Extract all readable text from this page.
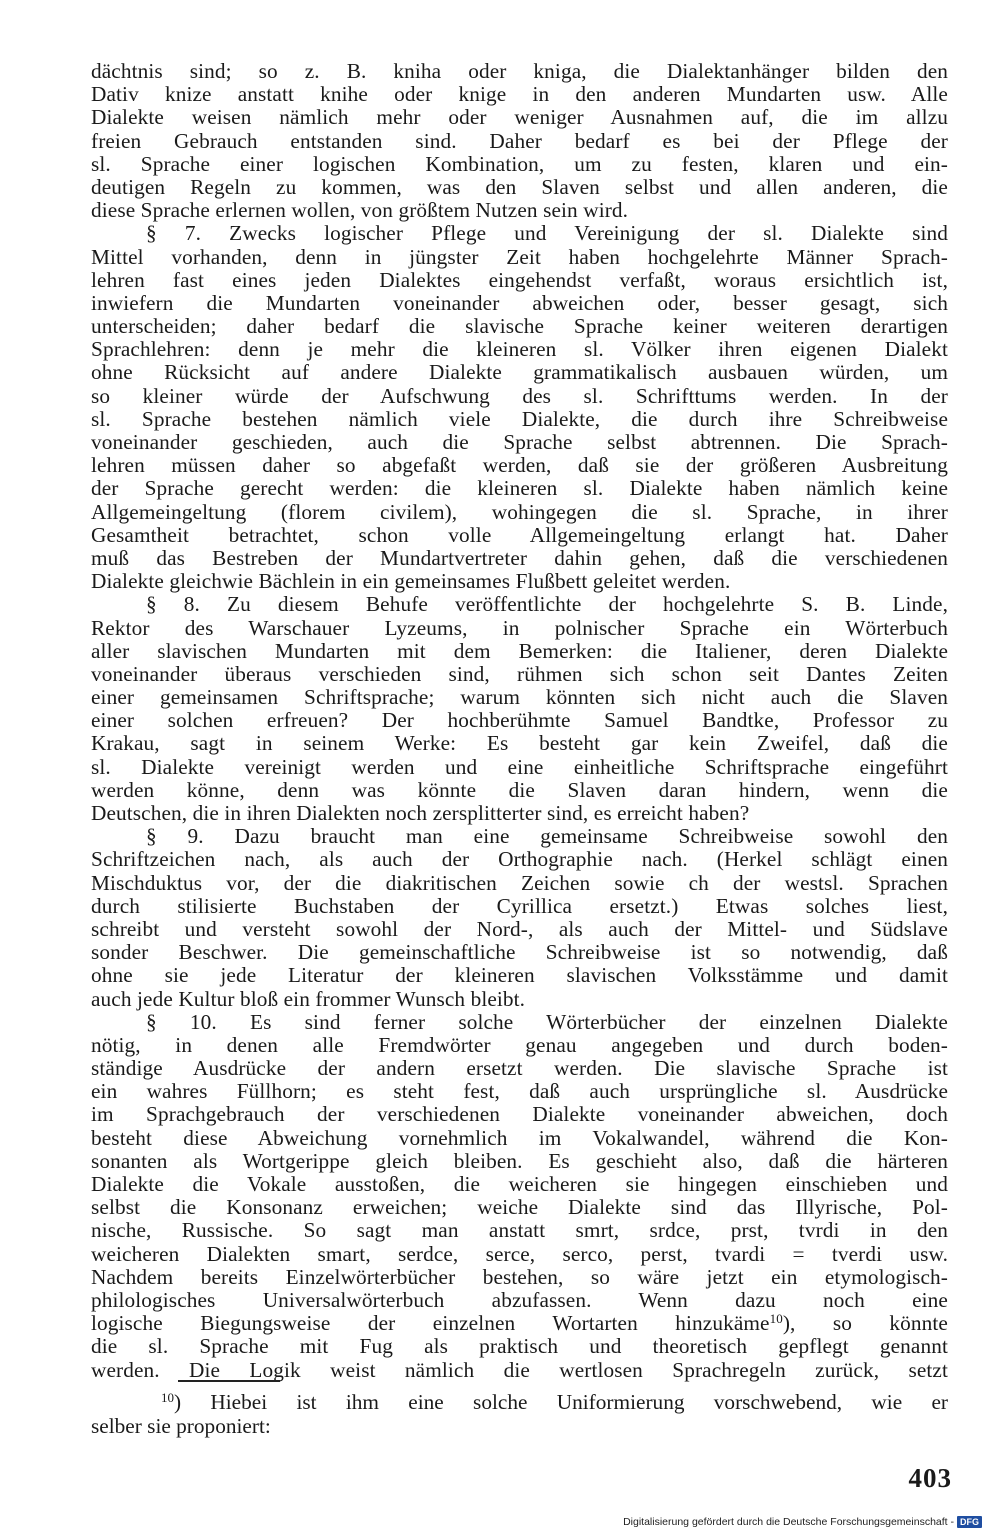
dächtnis sind; so z. B. kniha oder kniga, die Dialektanhänger bilden den
Dativ knize anstatt knihe oder knige in den anderen Mundarten usw. Alle
Dialekte weisen nämlich mehr oder weniger Ausnahmen auf, die im allzu
freien Gebrauch entstanden sind. Daher bedarf es bei der Pflege der
sl. Sprache einer logischen Kombination, um zu festen, klaren und ein-
deutigen Regeln zu kommen, was den Slaven selbst und allen anderen, die
diese Sprache erlernen wollen, von größtem Nutzen sein wird.
§ 7. Zwecks logischer Pflege und Vereinigung der sl. Dialekte sind
Mittel vorhanden, denn in jüngster Zeit haben hochgelehrte Männer Sprach-
lehren fast eines jeden Dialektes eingehendst verfaßt, woraus ersichtlich ist,
inwiefern die Mundarten voneinander abweichen oder, besser gesagt, sich
unterscheiden; daher bedarf die slavische Sprache keiner weiteren derartigen
Sprachlehren: denn je mehr die kleineren sl. Völker ihren eigenen Dialekt
ohne Rücksicht auf andere Dialekte grammatikalisch ausbauen würden, um
so kleiner würde der Aufschwung des sl. Schrifttums werden. In der
sl. Sprache bestehen nämlich viele Dialekte, die durch ihre Schreibweise
voneinander geschieden, auch die Sprache selbst abtrennen. Die Sprach-
lehren müssen daher so abgefaßt werden, daß sie der größeren Ausbreitung
der Sprache gerecht werden: die kleineren sl. Dialekte haben nämlich keine
Allgemeingeltung (florem civilem), wohingegen die sl. Sprache, in ihrer
Gesamtheit betrachtet, schon volle Allgemeingeltung erlangt hat. Daher
muß das Bestreben der Mundartvertreter dahin gehen, daß die verschiedenen
Dialekte gleichwie Bächlein in ein gemeinsames Flußbett geleitet werden.
§ 8. Zu diesem Behufe veröffentlichte der hochgelehrte S. B. Linde,
Rektor des Warschauer Lyzeums, in polnischer Sprache ein Wörterbuch
aller slavischen Mundarten mit dem Bemerken: die Italiener, deren Dialekte
voneinander überaus verschieden sind, rühmen sich schon seit Dantes Zeiten
einer gemeinsamen Schriftsprache; warum könnten sich nicht auch die Slaven
einer solchen erfreuen? Der hochberühmte Samuel Bandtke, Professor zu
Krakau, sagt in seinem Werke: Es besteht gar kein Zweifel, daß die
sl. Dialekte vereinigt werden und eine einheitliche Schriftsprache eingeführt
werden könne, denn was könnte die Slaven daran hindern, wenn die
Deutschen, die in ihren Dialekten noch zersplitterter sind, es erreicht haben?
§ 9. Dazu braucht man eine gemeinsame Schreibweise sowohl den
Schriftzeichen nach, als auch der Orthographie nach. (Herkel schlägt einen
Mischduktus vor, der die diakritischen Zeichen sowie ch der westsl. Sprachen
durch stilisierte Buchstaben der Cyrillica ersetzt.) Etwas solches liest,
schreibt und versteht sowohl der Nord-, als auch der Mittel- und Südslave
sonder Beschwer. Die gemeinschaftliche Schreibweise ist so notwendig, daß
ohne sie jede Literatur der kleineren slavischen Volksstämme und damit
auch jede Kultur bloß ein frommer Wunsch bleibt.
§ 10. Es sind ferner solche Wörterbücher der einzelnen Dialekte
nötig, in denen alle Fremdwörter genau angegeben und durch boden-
ständige Ausdrücke der andern ersetzt werden. Die slavische Sprache ist
ein wahres Füllhorn; es steht fest, daß auch ursprüngliche sl. Ausdrücke
im Sprachgebrauch der verschiedenen Dialekte voneinander abweichen, doch
besteht diese Abweichung vornehmlich im Vokalwandel, während die Kon-
sonanten als Wortgerippe gleich bleiben. Es geschieht also, daß die härteren
Dialekte die Vokale ausstoßen, die weicheren sie hingegen einschieben und
selbst die Konsonanz erweichen; weiche Dialekte sind das Illyrische, Pol-
nische, Russische. So sagt man anstatt smrt, srdce, prst, tvrdi in den
weicheren Dialekten smart, serdce, serce, serco, perst, tvardi = tverdi usw.
Nachdem bereits Einzelwörterbücher bestehen, so wäre jetzt ein etymologisch-
philologisches Universalwörterbuch abzufassen. Wenn dazu noch eine
logische Biegungsweise der einzelnen Wortarten hinzukäme$^{10}$), so könnte
die sl. Sprache mit Fug als praktisch und theoretisch gepflegt genannt
werden. Die Logik weist nämlich die wertlosen Sprachregeln zurück, setzt
$^{10}$) Hiebei ist ihm eine solche Uniformierung vorschwebend, wie er
selber sie proponiert:
403
Digitalisierung gefördert durch die Deutsche Forschungsgemeinschaft - DFG
